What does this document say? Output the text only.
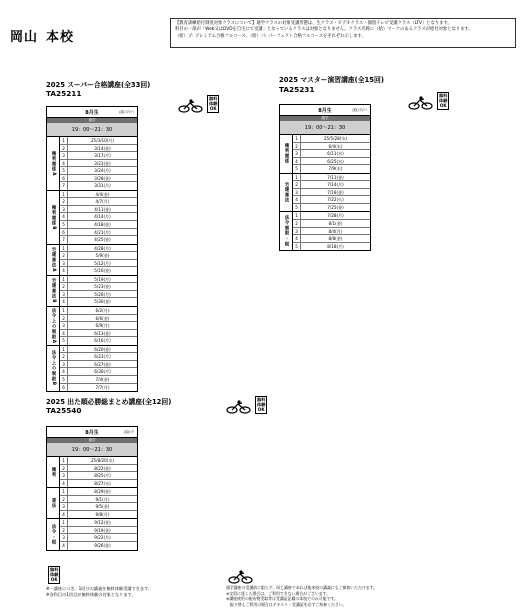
岡山 本校

【教育訓練給付制度対象クラスについて】通学クラスの対象受講形態は、生クラス・ビデオクラス・個別テレビ受講クラス（LTV）となります。

科目の一部が「Web又はDVDを自宅にて受講」となっているクラスは対象となりません。クラス名称に（給）マークのあるクラスが給付対象となります。

（給）プ: プレミアム合格フルコース、（給）パ: パーフェクト合格フルコースをそれぞれ示します。

2025 スーパー合格講座(全33回)
TA25211
無料
体験
OK
8月生	(給)プ/パ
通学
19：00〜21：30
権利関係A
1	25/3/10(月)
2	3/14(金)
3	3/17(月)
4	3/21(金)
5	3/24(月)
6	3/28(金)
7	3/31(月)
権利関係B
1	4/4(金)
2	4/7(月)
3	4/11(金)
4	4/14(月)
5	4/18(金)
6	4/21(月)
7	4/25(金)
宅建業法A	1	4/28(月)
2	5/9(金)
3	5/12(月)
4	5/16(金)
宅建業法B	1	5/19(月)
2	5/23(金)
3	5/26(月)
4	5/30(金)
法令上の制限A	1	6/2(月)
2	6/6(金)
3	6/9(月)
4	6/13(金)
5	6/16(月)
法令上の制限B
1	6/20(金)
2	6/23(月)
3	6/27(金)
4	6/30(月)
5	7/4(金)
6	7/7(月)
2025 マスター演習講座(全15回)
TA25231
無料
体験
OK
8月生	(給)プ/パ
通学
19：00〜21：30
権利関係
1	25/5/28(水)
2	6/4(水)
3	6/11(水)
4	6/25(水)
5	7/9(水)
宅建業法
1	7/11(金)
2	7/14(月)
3	7/18(金)
4	7/22(火)
5	7/25(金)
法令制限・税	1	7/28(月)
2	8/1(金)
3	8/4(月)
4	8/8(金)
5	8/18(月)
2025 出た順必勝総まとめ講座(全12回)
TA25540
無料
体験
OK
8月生	(給)プ
通学
19：00〜21：30
権利
1	25/8/20(水)
2	8/22(金)
3	8/25(月)
4	8/27(水)
業法
1	8/29(金)
2	9/1(月)
3	9/5(金)
4	9/8(月)
法令・税
1	9/12(金)
2	9/19(金)
3	9/22(月)
4	9/26(金)
無料
体験
OK

※一講座につき、1回分の講義を無料体験受講できます。

※各科目の1回目が無料体験の対象となります。

通学講座の受講前に限らず、同じ講座であれば他本校の講義にもご参加いただけます。

※定員に達した場合は、ご利用できない場合がございます。

※講座使用の配布物受取等は受講証記載の本校でのみ可能です。

　振り替えご利用の場合はテキスト・受講証を必ずご持参ください。
